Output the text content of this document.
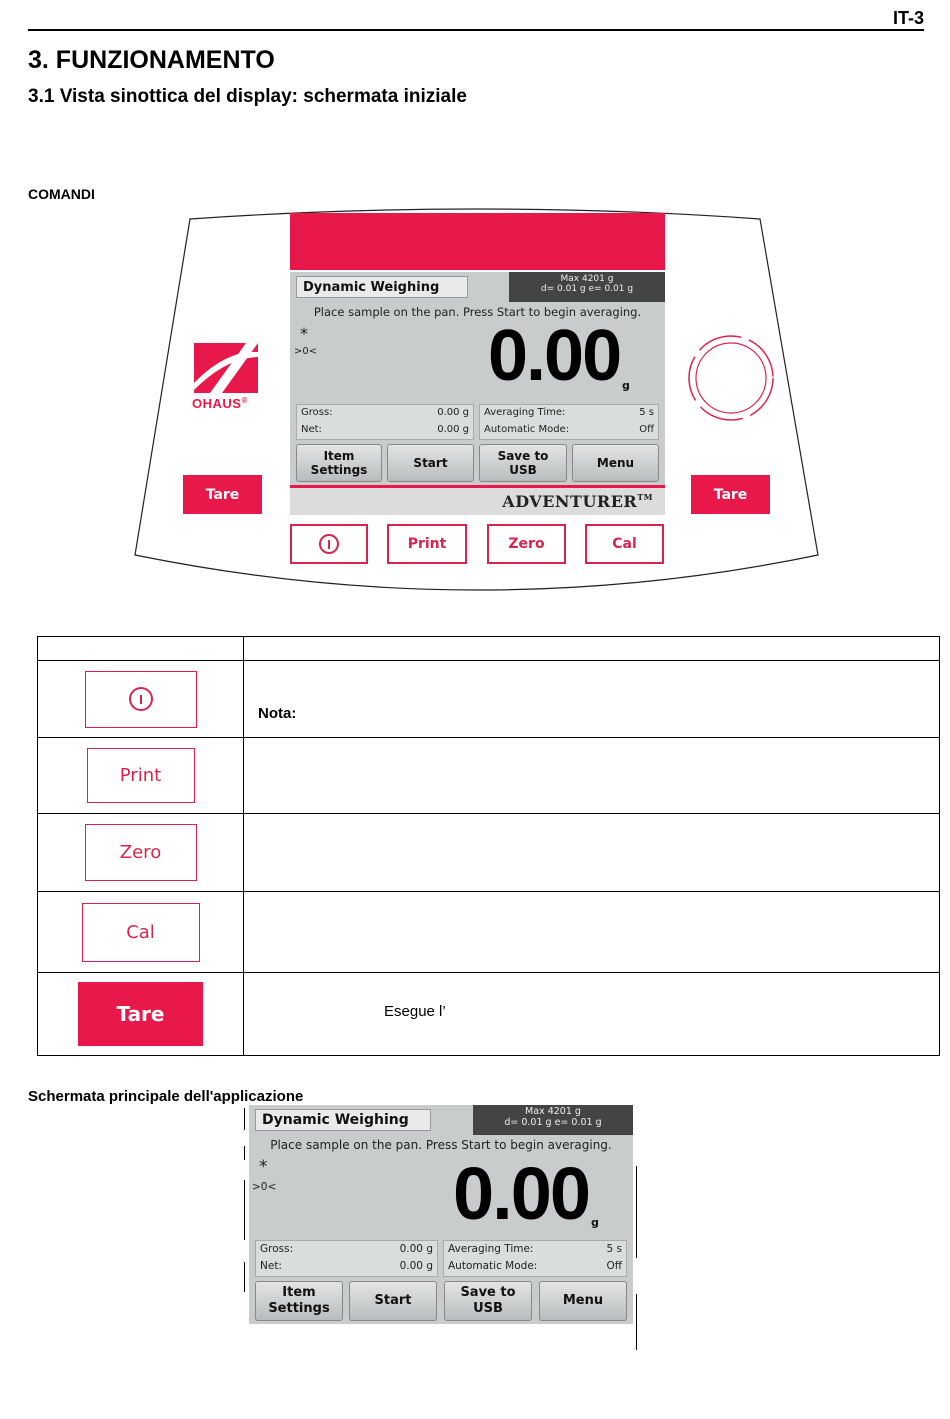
IT-3
3. FUNZIONAMENTO
3.1 Vista sinottica del display: schermata iniziale
COMANDI
OHAUS®
Tare	Tare
Dynamic Weighing
Max 4201 g
d= 0.01 g e= 0.01 g
Place sample on the pan. Press Start to begin averaging.
*
>0< 0.00 g
Gross:	0.00 g
Net:	0.00 g
Averaging Time:	5 s
Automatic Mode:	Off
Item
Settings
Start
Save to
USB
Menu
ADVENTURER™
Print	Zero	Cal

	Nota:

Print	

Zero	

Cal	

Tare	Esegue l’
Schermata principale dell'applicazione
Dynamic Weighing
Max 4201 g
d= 0.01 g e= 0.01 g
Place sample on the pan. Press Start to begin averaging.
*
>0< 0.00 g
Gross:	0.00 g
Net:	0.00 g
Averaging Time:	5 s
Automatic Mode:	Off
Item
Settings
Start
Save to
USB
Menu
